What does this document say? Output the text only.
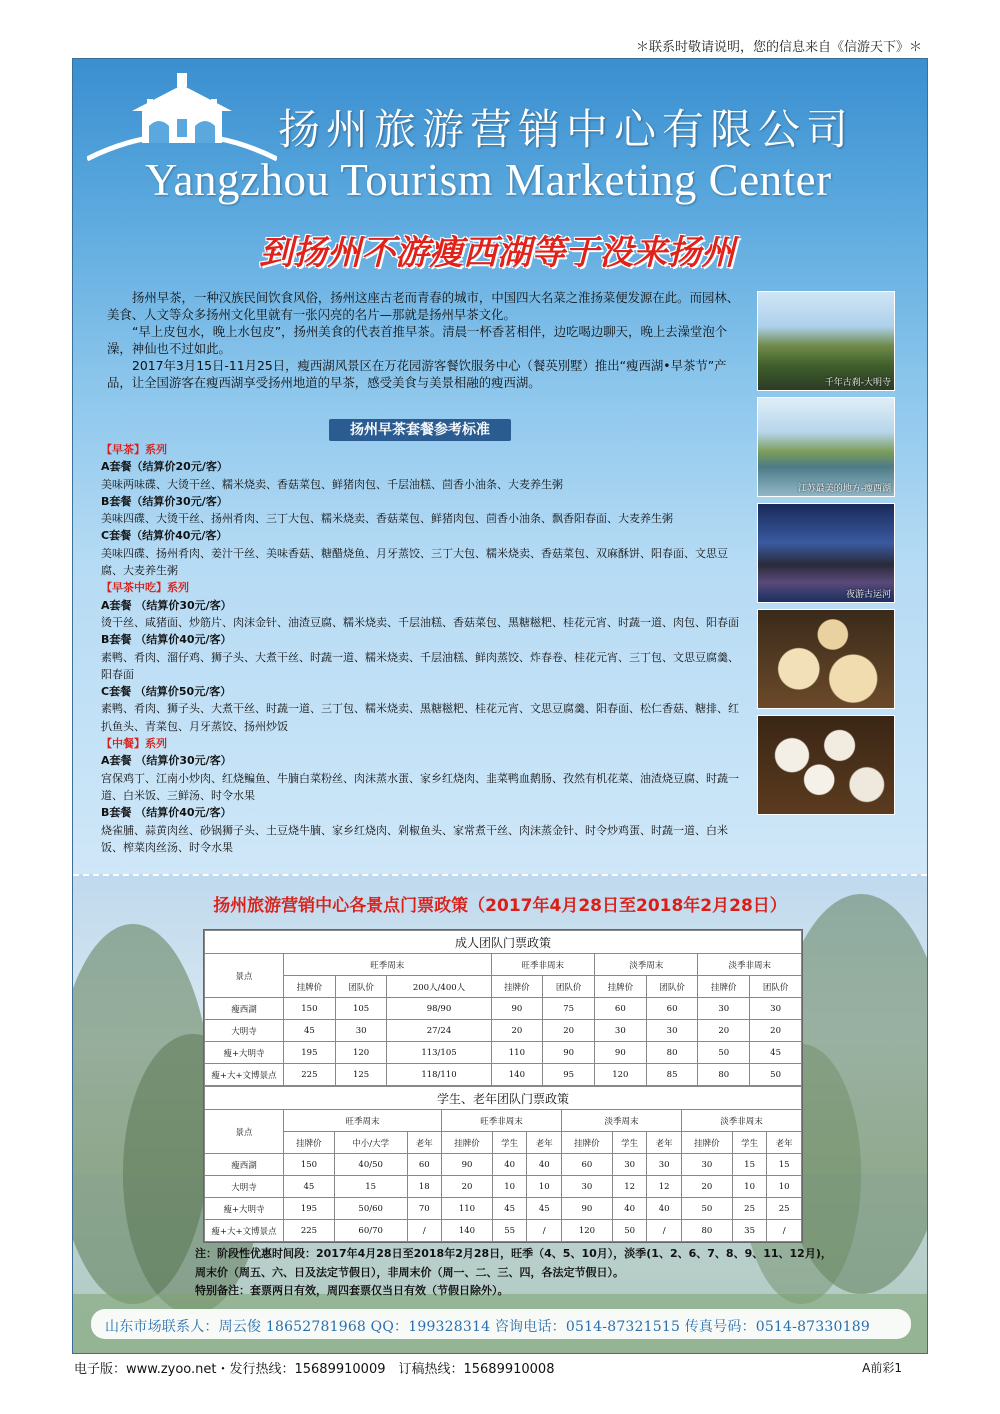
＊联系时敬请说明，您的信息来自《信游天下》＊
扬州旅游营销中心有限公司
Yangzhou Tourism Marketing Center
到扬州不游瘦西湖等于没来扬州

扬州早茶，一种汉族民间饮食风俗，扬州这座古老而青春的城市，中国四大名菜之淮扬菜便发源在此。而园林、美食、人文等众多扬州文化里就有一张闪亮的名片—那就是扬州早茶文化。

“早上皮包水，晚上水包皮”，扬州美食的代表首推早茶。清晨一杯香茗相伴，边吃喝边聊天，晚上去澡堂泡个澡，神仙也不过如此。

2017年3月15日-11月25日，瘦西湖风景区在万花园游客餐饮服务中心（餐英別墅）推出“瘦西湖•早茶节”产品，让全国游客在瘦西湖享受扬州地道的早茶，感受美食与美景相融的瘦西湖。

扬州早茶套餐参考标准
【早茶】系列
A套餐（结算价20元/客）
美味两味碟、大烫干丝、糯米烧卖、香菇菜包、鲜猪肉包、千层油糕、茴香小油条、大麦养生粥
B套餐（结算价30元/客）
美味四碟、大烫干丝、扬州肴肉、三丁大包、糯米烧卖、香菇菜包、鲜猪肉包、茴香小油条、飘香阳春面、大麦养生粥
C套餐（结算价40元/客）
美味四碟、扬州肴肉、姜汁干丝、美味香菇、糖醋烧鱼、月牙蒸饺、三丁大包、糯米烧卖、香菇菜包、双麻酥饼、阳春面、文思豆腐、大麦养生粥
【早茶中吃】系列
A套餐 （结算价30元/客）
烫干丝、咸猪面、炒筋片、肉沫金针、油渣豆腐、糯米烧卖、千层油糕、香菇菜包、黑糖糍粑、桂花元宵、时蔬一道、肉包、阳春面
B套餐 （结算价40元/客）
素鸭、肴肉、溜仔鸡、狮子头、大煮干丝、时蔬一道、糯米烧卖、千层油糕、鲜肉蒸饺、炸春卷、桂花元宵、三丁包、文思豆腐羹、阳春面
C套餐 （结算价50元/客）
素鸭、肴肉、狮子头、大煮干丝、时蔬一道、三丁包、糯米烧卖、黑糖糍粑、桂花元宵、文思豆腐羹、阳春面、松仁香菇、糖排、红扒鱼头、青菜包、月牙蒸饺、扬州炒饭
【中餐】系列
A套餐 （结算价30元/客）
宫保鸡丁、江南小炒肉、红烧鳊鱼、牛腩白菜粉丝、肉沫蒸水蛋、家乡红烧肉、韭菜鸭血鹅肠、孜然有机花菜、油渣烧豆腐、时蔬一道、白米饭、三鲜汤、时令水果
B套餐 （结算价40元/客）
烧雀脯、蒜黄肉丝、砂锅狮子头、土豆烧牛腩、家乡红烧肉、剁椒鱼头、家常煮干丝、肉沫蒸金针、时令炒鸡蛋、时蔬一道、白米饭、榨菜肉丝汤、时令水果
千年古刹-大明寺
江苏最美的地方-瘦西湖
夜游古运河
扬州旅游营销中心各景点门票政策（2017年4月28日至2018年2月28日）
成人团队门票政策									
景点	旺季周末			旺季非周末		淡季周末		淡季非周末	
	挂牌价	团队价	200人/400人	挂牌价	团队价	挂牌价	团队价	挂牌价	团队价
瘦西湖	150	105	98/90	90	75	60	60	30	30
大明寺	45	30	27/24	20	20	30	30	20	20
瘦+大明寺	195	120	113/105	110	90	90	80	50	45
瘦+大+文博景点	225	125	118/110	140	95	120	85	80	50
学生、老年团队门票政策												
景点	旺季周末			旺季非周末			淡季周末			淡季非周末		
	挂牌价	中小/大学	老年	挂牌价	学生	老年	挂牌价	学生	老年	挂牌价	学生	老年
瘦西湖	150	40/50	60	90	40	40	60	30	30	30	15	15
大明寺	45	15	18	20	10	10	30	12	12	20	10	10
瘦+大明寺	195	50/60	70	110	45	45	90	40	40	50	25	25
瘦+大+文博景点	225	60/70	/	140	55	/	120	50	/	80	35	/

注：阶段性优惠时间段：2017年4月28日至2018年2月28日，旺季（4、5、10月），淡季(1、2、6、7、8、9、11、12月)，

周末价（周五、六、日及法定节假日），非周末价（周一、二、三、四，各法定节假日）。

特别备注：套票两日有效，周四套票仅当日有效（节假日除外）。

山东市场联系人：周云俊 18652781968 QQ：199328314 咨询电话：0514-87321515 传真号码：0514-87330189
电子版：www.zyoo.net・发行热线：15689910009　订稿热线：15689910008	A前彩1
